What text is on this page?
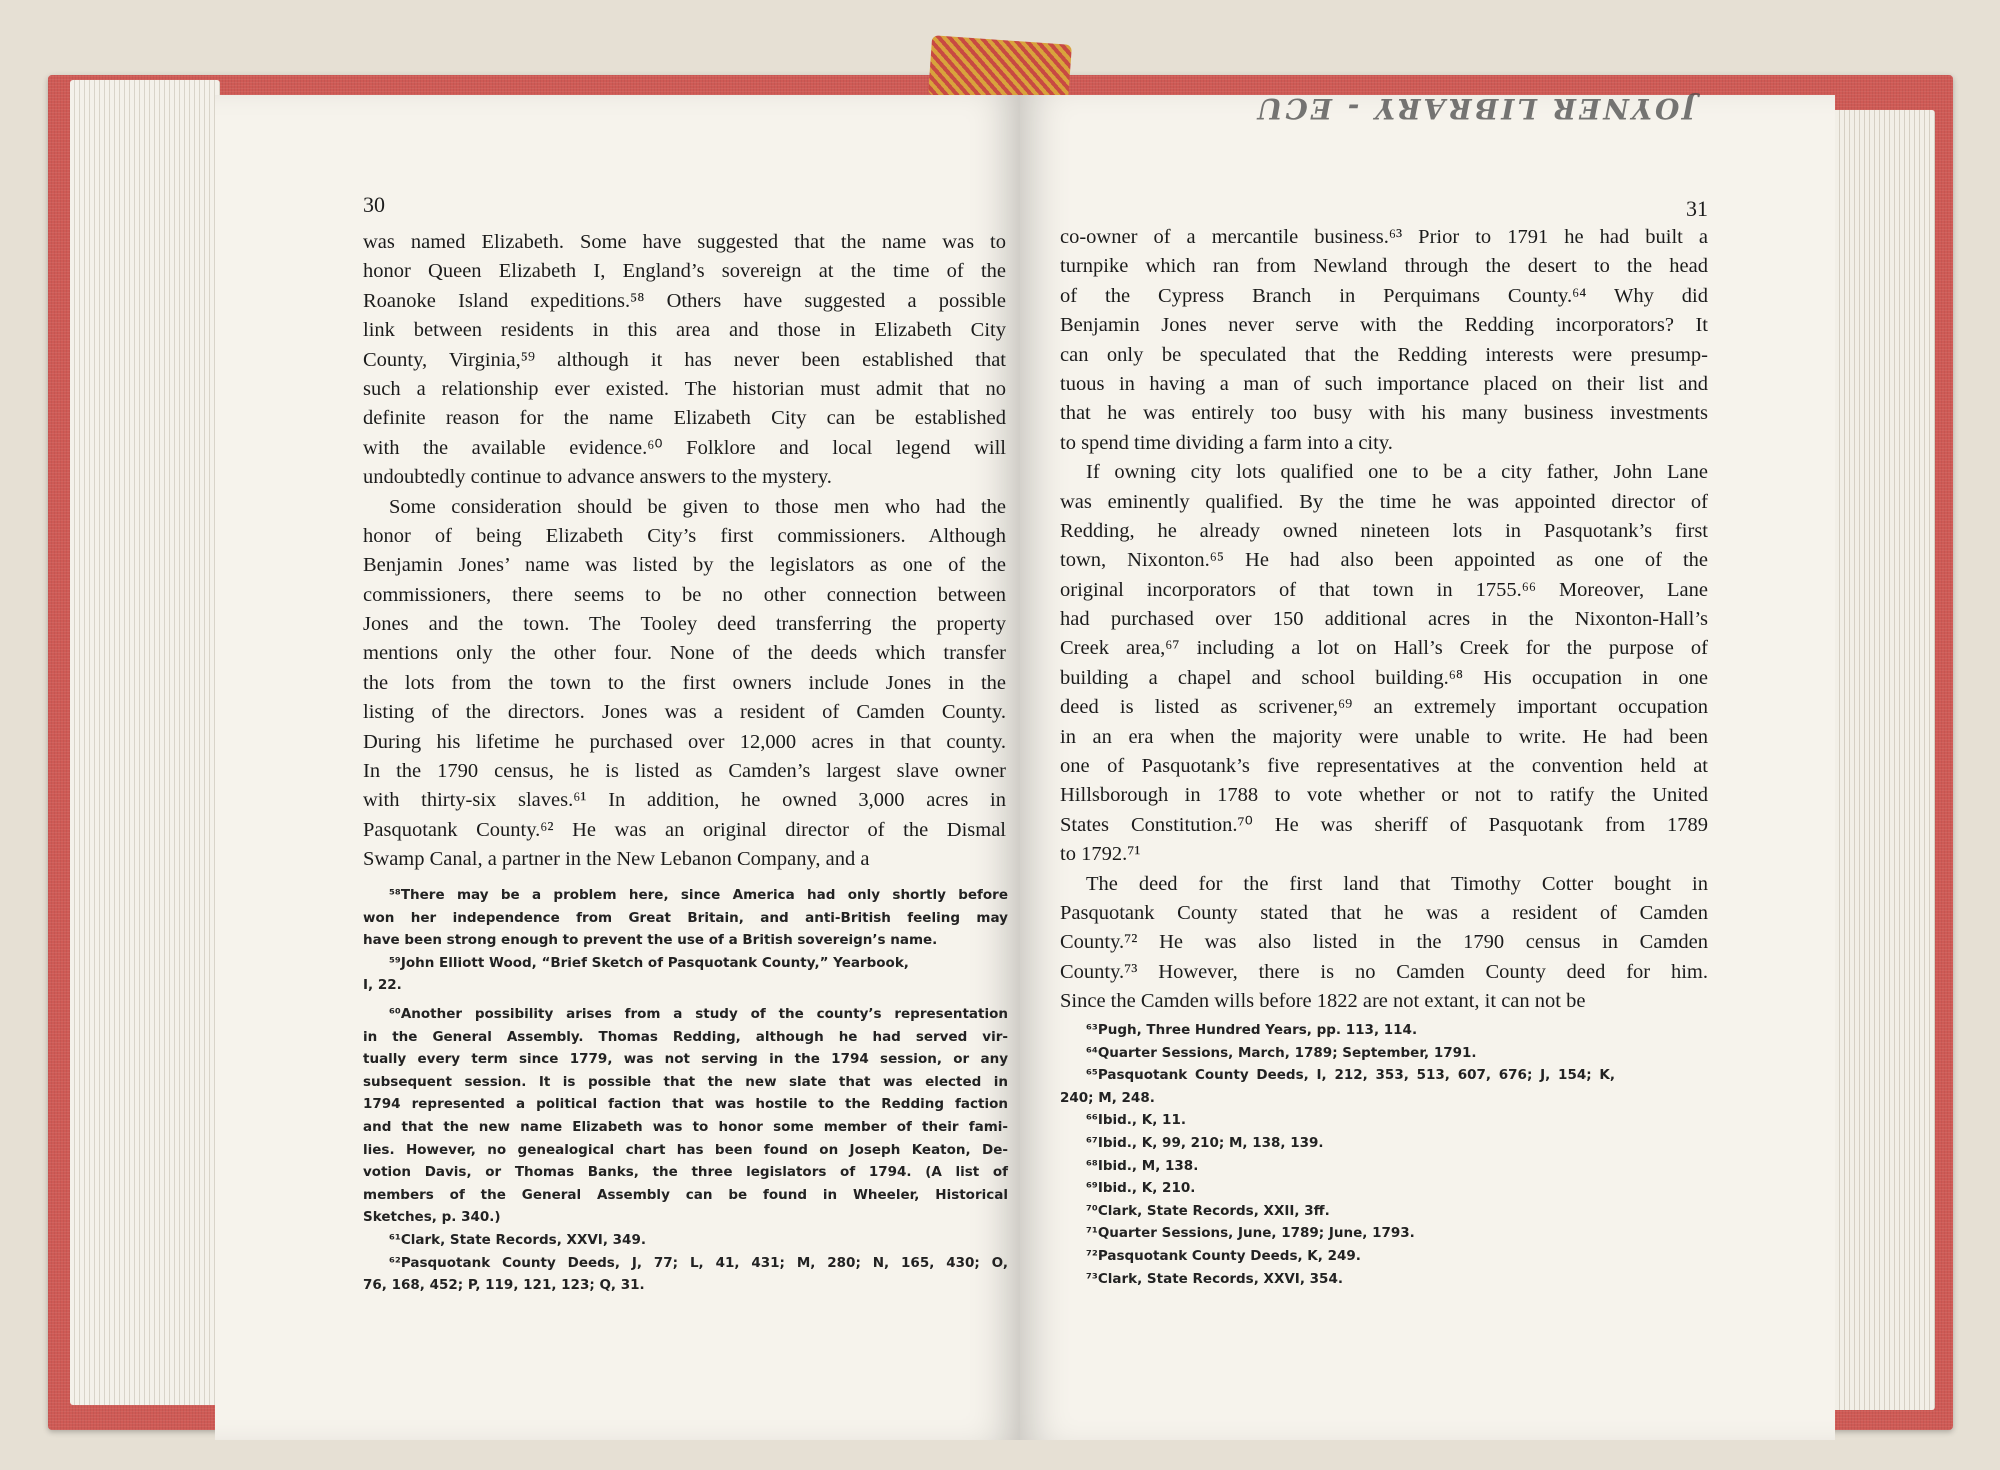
JOYNER LIBRARY - ECU
30	31

was named Elizabeth. Some have suggested that the name was to

honor Queen Elizabeth I, England’s sovereign at the time of the

Roanoke Island expeditions.⁵⁸ Others have suggested a possible

link between residents in this area and those in Elizabeth City

County, Virginia,⁵⁹ although it has never been established that

such a relationship ever existed. The historian must admit that no

definite reason for the name Elizabeth City can be established

with the available evidence.⁶⁰ Folklore and local legend will

undoubtedly continue to advance answers to the mystery.

Some consideration should be given to those men who had the

honor of being Elizabeth City’s first commissioners. Although

Benjamin Jones’ name was listed by the legislators as one of the

commissioners, there seems to be no other connection between

Jones and the town. The Tooley deed transferring the property

mentions only the other four. None of the deeds which transfer

the lots from the town to the first owners include Jones in the

listing of the directors. Jones was a resident of Camden County.

During his lifetime he purchased over 12,000 acres in that county.

In the 1790 census, he is listed as Camden’s largest slave owner

with thirty-six slaves.⁶¹ In addition, he owned 3,000 acres in

Pasquotank County.⁶² He was an original director of the Dismal

Swamp Canal, a partner in the New Lebanon Company, and a

⁵⁸There may be a problem here, since America had only shortly before

won her independence from Great Britain, and anti-British feeling may

have been strong enough to prevent the use of a British sovereign’s name.

⁵⁹John Elliott Wood, “Brief Sketch of Pasquotank County,” Yearbook,

I, 22.

⁶⁰Another possibility arises from a study of the county’s representation

in the General Assembly. Thomas Redding, although he had served vir-

tually every term since 1779, was not serving in the 1794 session, or any

subsequent session. It is possible that the new slate that was elected in

1794 represented a political faction that was hostile to the Redding faction

and that the new name Elizabeth was to honor some member of their fami-

lies. However, no genealogical chart has been found on Joseph Keaton, De-

votion Davis, or Thomas Banks, the three legislators of 1794. (A list of

members of the General Assembly can be found in Wheeler, Historical

Sketches, p. 340.)

⁶¹Clark, State Records, XXVI, 349.

⁶²Pasquotank County Deeds, J, 77; L, 41, 431; M, 280; N, 165, 430; O,

76, 168, 452; P, 119, 121, 123; Q, 31.

co-owner of a mercantile business.⁶³ Prior to 1791 he had built a

turnpike which ran from Newland through the desert to the head

of the Cypress Branch in Perquimans County.⁶⁴ Why did

Benjamin Jones never serve with the Redding incorporators? It

can only be speculated that the Redding interests were presump-

tuous in having a man of such importance placed on their list and

that he was entirely too busy with his many business investments

to spend time dividing a farm into a city.

If owning city lots qualified one to be a city father, John Lane

was eminently qualified. By the time he was appointed director of

Redding, he already owned nineteen lots in Pasquotank’s first

town, Nixonton.⁶⁵ He had also been appointed as one of the

original incorporators of that town in 1755.⁶⁶ Moreover, Lane

had purchased over 150 additional acres in the Nixonton-Hall’s

Creek area,⁶⁷ including a lot on Hall’s Creek for the purpose of

building a chapel and school building.⁶⁸ His occupation in one

deed is listed as scrivener,⁶⁹ an extremely important occupation

in an era when the majority were unable to write. He had been

one of Pasquotank’s five representatives at the convention held at

Hillsborough in 1788 to vote whether or not to ratify the United

States Constitution.⁷⁰ He was sheriff of Pasquotank from 1789

to 1792.⁷¹

The deed for the first land that Timothy Cotter bought in

Pasquotank County stated that he was a resident of Camden

County.⁷² He was also listed in the 1790 census in Camden

County.⁷³ However, there is no Camden County deed for him.

Since the Camden wills before 1822 are not extant, it can not be

⁶³Pugh, Three Hundred Years, pp. 113, 114.

⁶⁴Quarter Sessions, March, 1789; September, 1791.

⁶⁵Pasquotank County Deeds, I, 212, 353, 513, 607, 676; J, 154; K,

240; M, 248.

⁶⁶Ibid., K, 11.

⁶⁷Ibid., K, 99, 210; M, 138, 139.

⁶⁸Ibid., M, 138.

⁶⁹Ibid., K, 210.

⁷⁰Clark, State Records, XXII, 3ff.

⁷¹Quarter Sessions, June, 1789; June, 1793.

⁷²Pasquotank County Deeds, K, 249.

⁷³Clark, State Records, XXVI, 354.
